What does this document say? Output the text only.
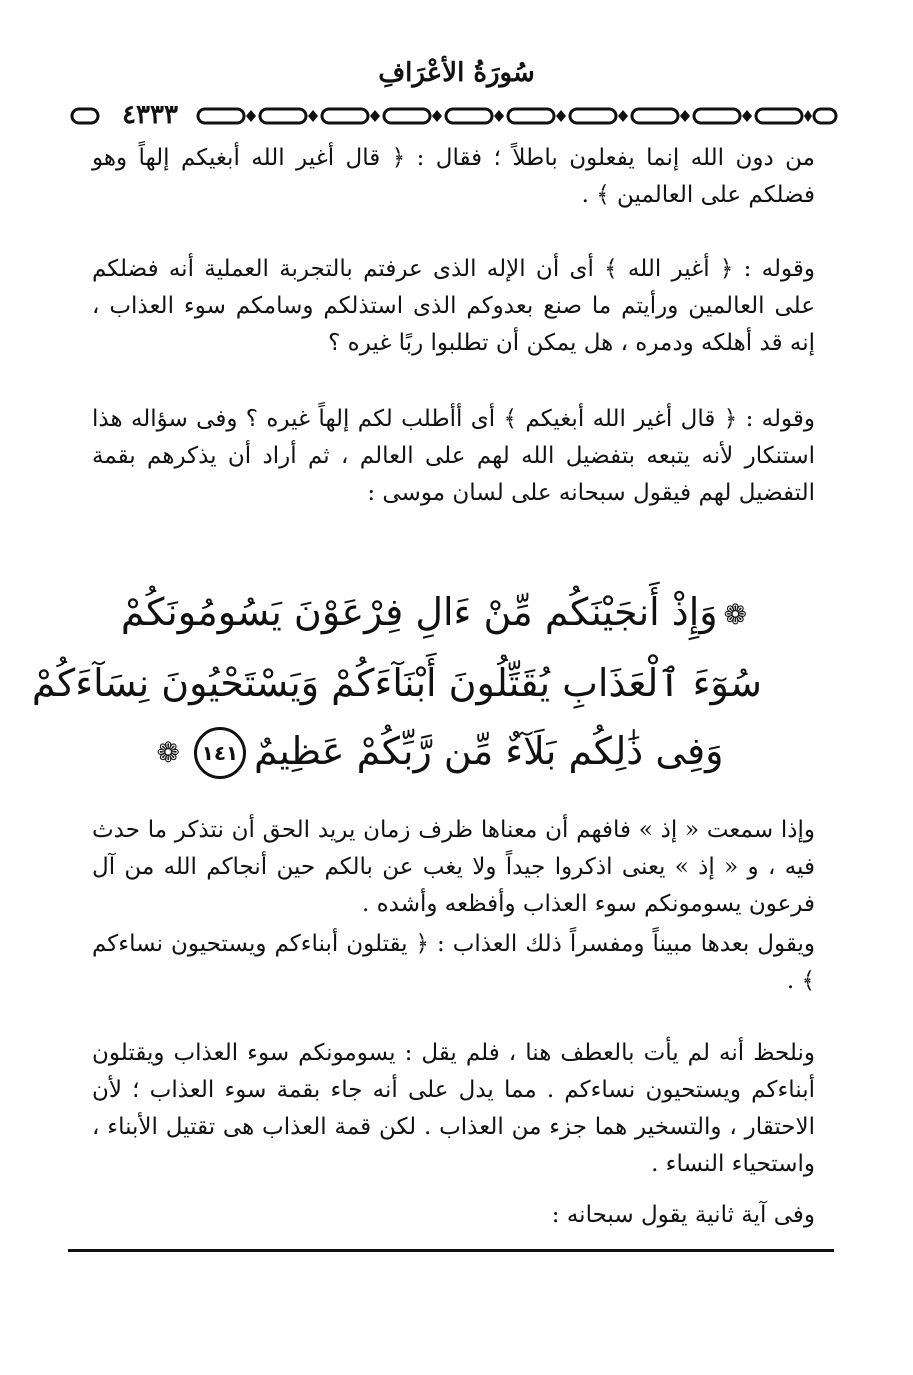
سُورَةُ الأعْرَافِ
٤٣٣٣

من دون الله إنما يفعلون باطلاً ؛ فقال : ﴿ قال أغير الله أبغيكم إلهاً وهو فضلكم على العالمين ﴾ .

وقوله : ﴿ أغير الله ﴾ أى أن الإله الذى عرفتم بالتجربة العملية أنه فضلكم على العالمين ورأيتم ما صنع بعدوكم الذى استذلكم وسامكم سوء العذاب ، إنه قد أهلكه ودمره ، هل يمكن أن تطلبوا ربًا غيره ؟

وقوله : ﴿ قال أغير الله أبغيكم ﴾ أى أأطلب لكم إلهاً غيره ؟ وفى سؤاله هذا استنكار لأنه يتبعه بتفضيل الله لهم على العالم ، ثم أراد أن يذكرهم بقمة التفضيل لهم فيقول سبحانه على لسان موسى :

❁وَإِذْ أَنجَيْنَكُم مِّنْ ءَالِ فِرْعَوْنَ يَسُومُونَكُمْ
سُوٓءَ ٱلْعَذَابِ يُقَتِّلُونَ أَبْنَآءَكُمْ وَيَسْتَحْيُونَ نِسَآءَكُمْ
وَفِى ذَٰلِكُم بَلَآءٌ مِّن رَّبِّكُمْ عَظِيمٌ١٤١❁

وإذا سمعت « إذ » فافهم أن معناها ظرف زمان يريد الحق أن نتذكر ما حدث فيه ، و « إذ » يعنى اذكروا جيداً ولا يغب عن بالكم حين أنجاكم الله من آل فرعون يسومونكم سوء العذاب وأفظعه وأشده .

ويقول بعدها مبيناً ومفسراً ذلك العذاب : ﴿ يقتلون أبناءكم ويستحيون نساءكم ﴾ .

ونلحظ أنه لم يأت بالعطف هنا ، فلم يقل : يسومونكم سوء العذاب ويقتلون أبناءكم ويستحيون نساءكم . مما يدل على أنه جاء بقمة سوء العذاب ؛ لأن الاحتقار ، والتسخير هما جزء من العذاب . لكن قمة العذاب هى تقتيل الأبناء ، واستحياء النساء .

وفى آية ثانية يقول سبحانه :
